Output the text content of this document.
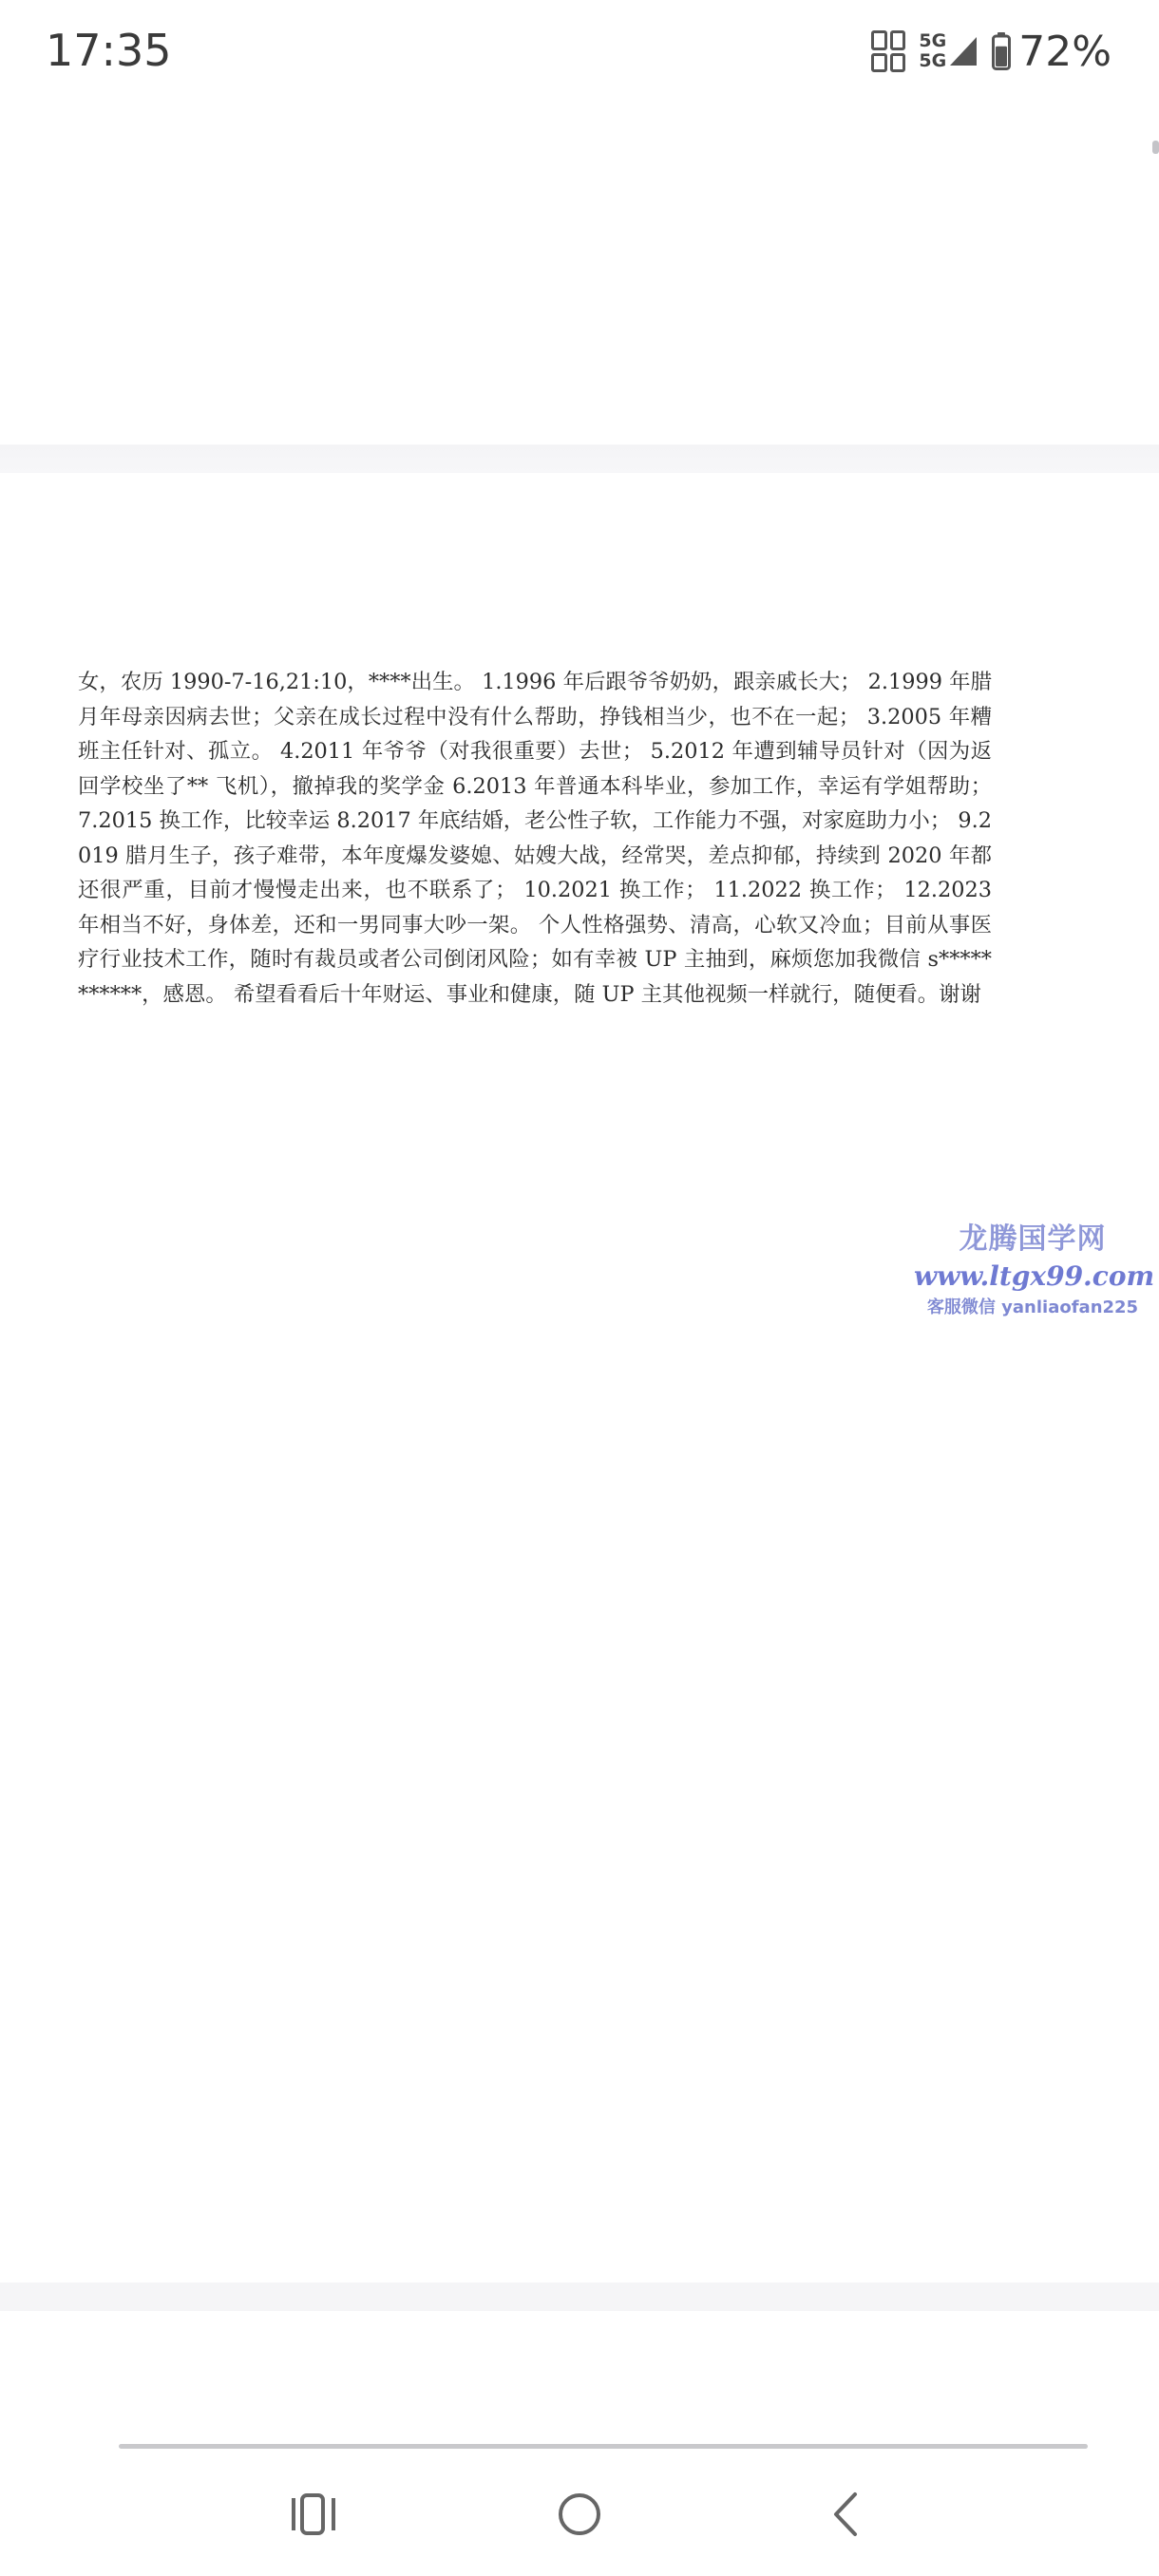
17:35	5G
5G 72%
女，农历 1990-7-16,21:10，****出生。 1.1996 年后跟爷爷奶奶，跟亲戚长大； 2.1999 年腊月年母亲因病去世；父亲在成长过程中没有什么帮助，挣钱相当少，也不在一起； 3.2005 年糟班主任针对、孤立。 4.2011 年爷爷（对我很重要）去世； 5.2012 年遭到辅导员针对（因为返回学校坐了** 飞机），撤掉我的奖学金 6.2013 年普通本科毕业，参加工作，幸运有学姐帮助； 7.2015 换工作，比较幸运 8.2017 年底结婚，老公性子软，工作能力不强，对家庭助力小； 9.2019 腊月生子，孩子难带，本年度爆发婆媳、姑嫂大战，经常哭，差点抑郁，持续到 2020 年都还很严重，目前才慢慢走出来，也不联系了； 10.2021 换工作； 11.2022 换工作； 12.2023 年相当不好，身体差，还和一男同事大吵一架。 个人性格强势、清高，心软又冷血；目前从事医疗行业技术工作，随时有裁员或者公司倒闭风险；如有幸被 UP 主抽到，麻烦您加我微信 s***********，感恩。 希望看看后十年财运、事业和健康，随 UP 主其他视频一样就行，随便看。谢谢
龙腾国学网
www.ltgx99.com
客服微信 yanliaofan225
